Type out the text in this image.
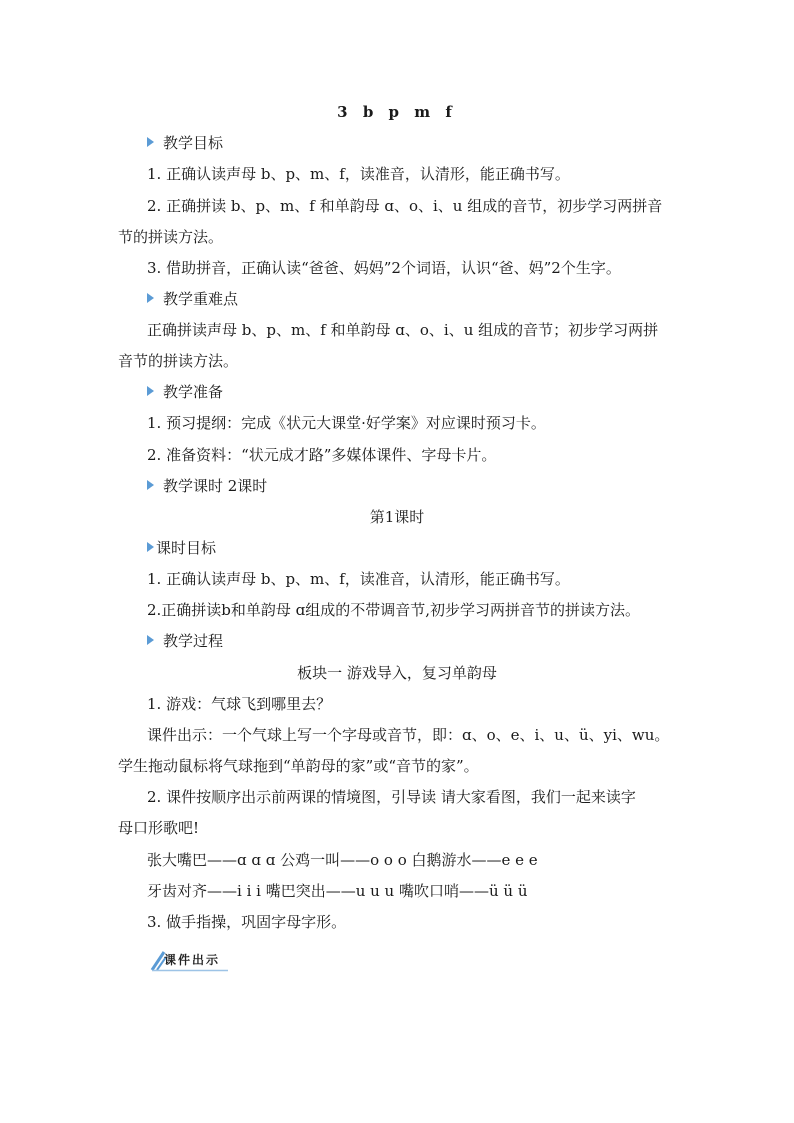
3 b p m f
教学目标
1. 正确认读声母 b、p、m、f，读准音，认清形，能正确书写。
2. 正确拼读 b、p、m、f 和单韵母 ɑ、o、i、u 组成的音节，初步学习两拼音
节的拼读方法。
3. 借助拼音，正确认读“爸爸、妈妈”2个词语，认识“爸、妈”2个生字。
教学重难点
正确拼读声母 b、p、m、f 和单韵母 ɑ、o、i、u 组成的音节；初步学习两拼
音节的拼读方法。
教学准备
1. 预习提纲：完成《状元大课堂·好学案》对应课时预习卡。
2. 准备资料：“状元成才路”多媒体课件、字母卡片。
教学课时 2课时
第1课时
课时目标
1. 正确认读声母 b、p、m、f，读准音，认清形，能正确书写。
2.正确拼读b和单韵母 ɑ组成的不带调音节,初步学习两拼音节的拼读方法。
教学过程
板块一 游戏导入，复习单韵母
1. 游戏：气球飞到哪里去？
课件出示：一个气球上写一个字母或音节，即：ɑ、o、e、i、u、ü、yi、wu。
学生拖动鼠标将气球拖到“单韵母的家”或“音节的家”。
2. 课件按顺序出示前两课的情境图，引导读 请大家看图，我们一起来读字
母口形歌吧!
张大嘴巴——ɑ ɑ ɑ 公鸡一叫——o o o 白鹅游水——e e e
牙齿对齐——i i i 嘴巴突出——u u u 嘴吹口哨——ü ü ü
3. 做手指操，巩固字母字形。
课件出示
